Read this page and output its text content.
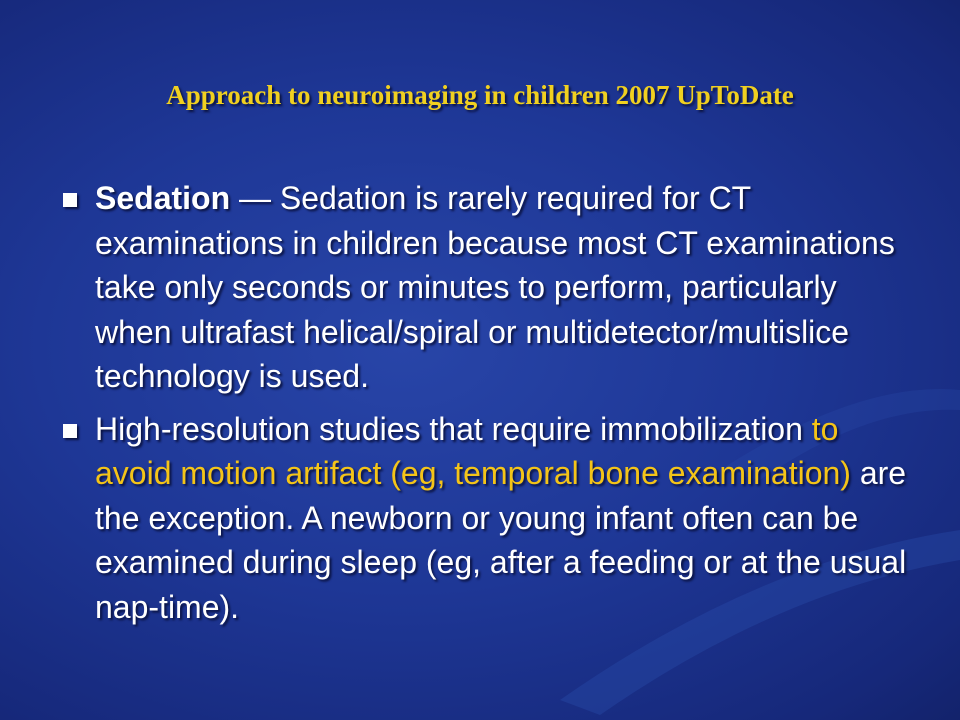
Approach to neuroimaging in children 2007 UpToDate
Sedation — Sedation is rarely required for CT examinations in children because most CT examinations take only seconds or minutes to perform, particularly when ultrafast helical/spiral or multidetector/multislice technology is used.
High-resolution studies that require immobilization to avoid motion artifact (eg, temporal bone examination) are the exception. A newborn or young infant often can be examined during sleep (eg, after a feeding or at the usual nap-time).
